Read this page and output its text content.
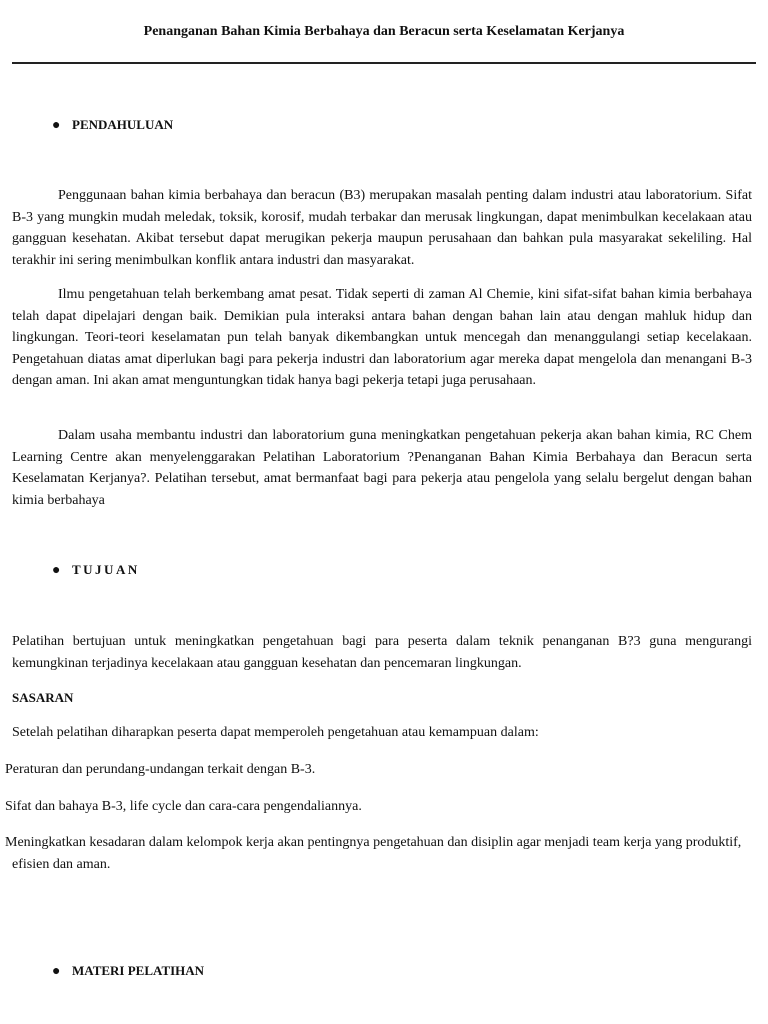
Penanganan Bahan Kimia Berbahaya dan Beracun serta Keselamatan Kerjanya
● PENDAHULUAN

Penggunaan bahan kimia berbahaya dan beracun (B3) merupakan masalah penting dalam industri atau laboratorium. Sifat B-3 yang mungkin mudah meledak, toksik, korosif, mudah terbakar dan merusak lingkungan, dapat menimbulkan kecelakaan atau gangguan kesehatan. Akibat tersebut dapat merugikan pekerja maupun perusahaan dan bahkan pula masyarakat sekeliling. Hal terakhir ini sering menimbulkan konflik antara industri dan masyarakat.

Ilmu pengetahuan telah berkembang amat pesat. Tidak seperti di zaman Al Chemie, kini sifat-sifat bahan kimia berbahaya telah dapat dipelajari dengan baik. Demikian pula interaksi antara bahan dengan bahan lain atau dengan mahluk hidup dan lingkungan. Teori-teori keselamatan pun telah banyak dikembangkan untuk mencegah dan menanggulangi setiap kecelakaan. Pengetahuan diatas amat diperlukan bagi para pekerja industri dan laboratorium agar mereka dapat mengelola dan menangani B-3 dengan aman. Ini akan amat menguntungkan tidak hanya bagi pekerja tetapi juga perusahaan.

Dalam usaha membantu industri dan laboratorium guna meningkatkan pengetahuan pekerja akan bahan kimia, RC Chem Learning Centre akan menyelenggarakan Pelatihan Laboratorium ?Penanganan Bahan Kimia Berbahaya dan Beracun serta Keselamatan Kerjanya?. Pelatihan tersebut, amat bermanfaat bagi para pekerja atau pengelola yang selalu bergelut dengan bahan kimia berbahaya

● TUJUAN

Pelatihan bertujuan untuk meningkatkan pengetahuan bagi para peserta dalam teknik penanganan B?3 guna mengurangi kemungkinan terjadinya kecelakaan atau gangguan kesehatan dan pencemaran lingkungan.

SASARAN

Setelah pelatihan diharapkan peserta dapat memperoleh pengetahuan atau kemampuan dalam:

Peraturan dan perundang-undangan terkait dengan B-3.

Sifat dan bahaya B-3, life cycle dan cara-cara pengendaliannya.

Meningkatkan kesadaran dalam kelompok kerja akan pentingnya pengetahuan dan disiplin agar menjadi team kerja yang produktif, efisien dan aman.

● MATERI PELATIHAN
